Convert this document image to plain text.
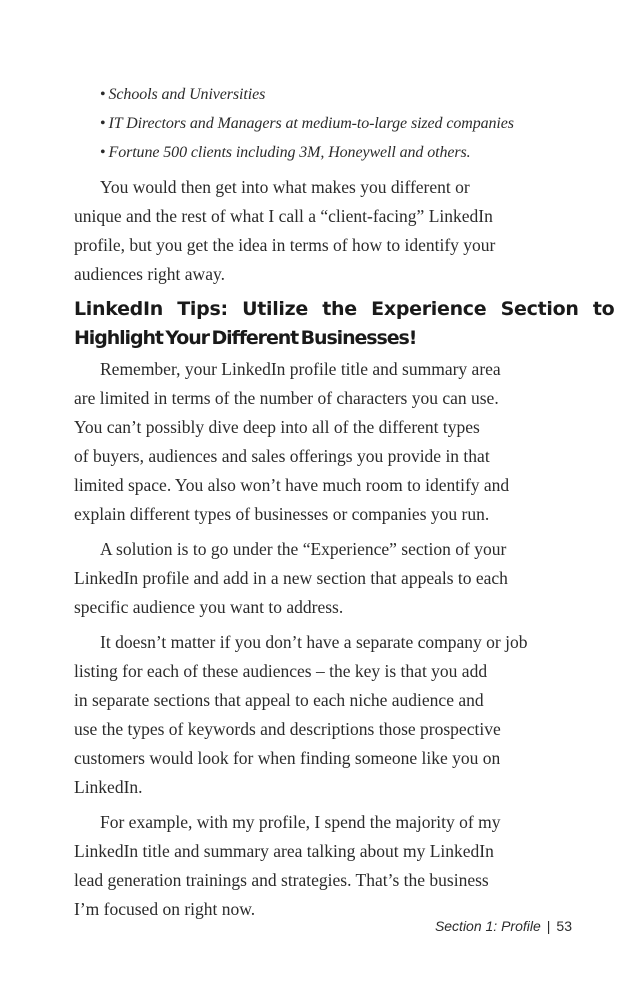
• Schools and Universities
• IT Directors and Managers at medium-to-large sized companies
• Fortune 500 clients including 3M, Honeywell and others.

You would then get into what makes you different or
unique and the rest of what I call a “client-facing” LinkedIn
profile, but you get the idea in terms of how to identify your
audiences right away.

LinkedIn Tips: Utilize the Experience Section to
Highlight Your Different Businesses!

Remember, your LinkedIn profile title and summary area
are limited in terms of the number of characters you can use.
You can’t possibly dive deep into all of the different types
of buyers, audiences and sales offerings you provide in that
limited space. You also won’t have much room to identify and
explain different types of businesses or companies you run.

A solution is to go under the “Experience” section of your
LinkedIn profile and add in a new section that appeals to each
specific audience you want to address.

It doesn’t matter if you don’t have a separate company or job
listing for each of these audiences – the key is that you add
in separate sections that appeal to each niche audience and
use the types of keywords and descriptions those prospective
customers would look for when finding someone like you on
LinkedIn.

For example, with my profile, I spend the majority of my
LinkedIn title and summary area talking about my LinkedIn
lead generation trainings and strategies. That’s the business
I’m focused on right now.

Section 1: Profile | 53
